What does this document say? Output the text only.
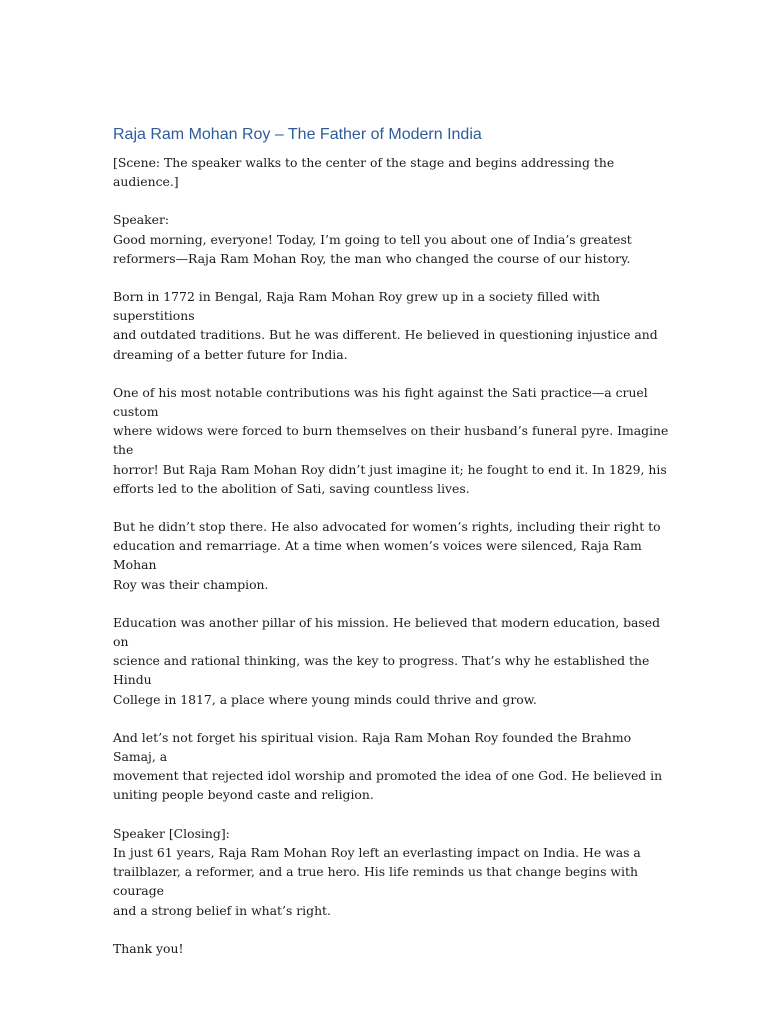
Raja Ram Mohan Roy – The Father of Modern India

[Scene: The speaker walks to the center of the stage and begins addressing the audience.]

Speaker:
Good morning, everyone! Today, I’m going to tell you about one of India’s greatest
reformers—Raja Ram Mohan Roy, the man who changed the course of our history.

Born in 1772 in Bengal, Raja Ram Mohan Roy grew up in a society filled with superstitions
and outdated traditions. But he was different. He believed in questioning injustice and
dreaming of a better future for India.

One of his most notable contributions was his fight against the Sati practice—a cruel custom
where widows were forced to burn themselves on their husband’s funeral pyre. Imagine the
horror! But Raja Ram Mohan Roy didn’t just imagine it; he fought to end it. In 1829, his
efforts led to the abolition of Sati, saving countless lives.

But he didn’t stop there. He also advocated for women’s rights, including their right to
education and remarriage. At a time when women’s voices were silenced, Raja Ram Mohan
Roy was their champion.

Education was another pillar of his mission. He believed that modern education, based on
science and rational thinking, was the key to progress. That’s why he established the Hindu
College in 1817, a place where young minds could thrive and grow.

And let’s not forget his spiritual vision. Raja Ram Mohan Roy founded the Brahmo Samaj, a
movement that rejected idol worship and promoted the idea of one God. He believed in
uniting people beyond caste and religion.

Speaker [Closing]:
In just 61 years, Raja Ram Mohan Roy left an everlasting impact on India. He was a
trailblazer, a reformer, and a true hero. His life reminds us that change begins with courage
and a strong belief in what’s right.

Thank you!
